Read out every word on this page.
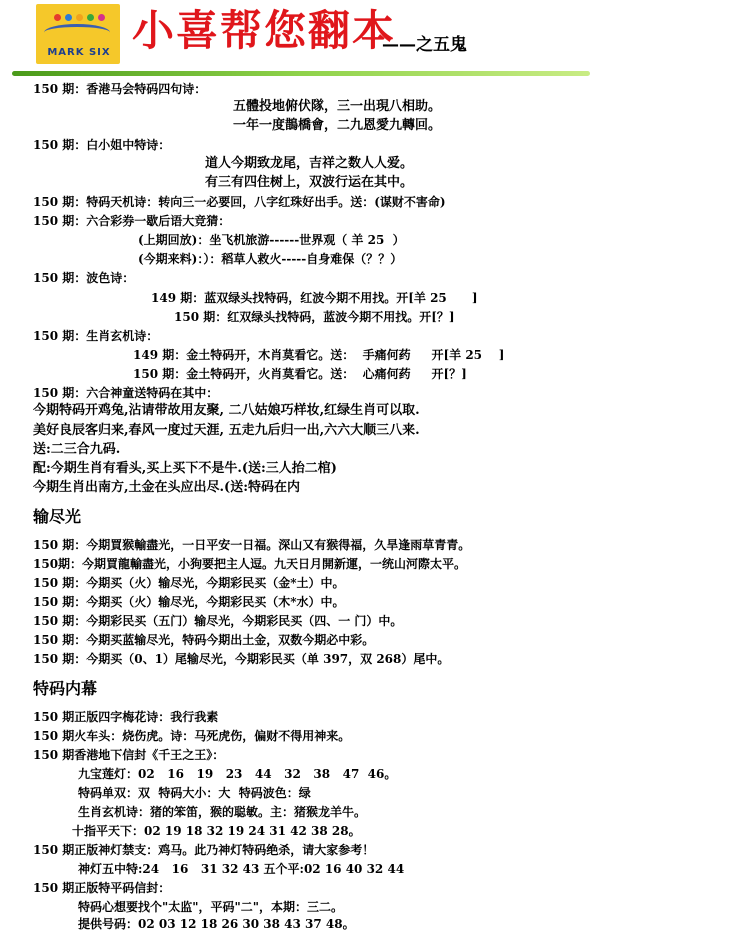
MARK SIX 小喜帮您翻本
——之五鬼
150 期：香港马会特码四句诗：
五體投地俯伏隊，三一出現八相助。
一年一度鵲橋會，二九恩愛九轉回。
150 期：白小姐中特诗：
道人今期致龙尾，吉祥之数人人爱。
有三有四住树上，双波行运在其中。
150 期：特码天机诗：转向三一必要回，八字红珠好出手。送：(谋财不害命)
150 期：六合彩券一歇后语大竞猜：
(上期回放)：坐飞机旅游------世界观（ 羊 25  ）
(今期来料)：）：稻草人救火-----自身难保（？？）
150 期：波色诗：
149 期：蓝双绿头找特码，红波今期不用找。开[羊 25      ]
150 期：红双绿头找特码，蓝波今期不用找。开[？]
150 期：生肖玄机诗：
149 期：金土特码开，木肖莫看它。送：  手痛何药     开[羊 25    ]
150 期：金土特码开，火肖莫看它。送：  心痛何药     开[？]
150 期：六合神童送特码在其中：
今期特码开鸡兔,沾请带故用友聚, 二八姑娘巧样妆,红绿生肖可以取.
美好良辰客归来,春风一度过天涯, 五走九后归一出,六六大顺三八来.
送:二三合九码.
配:今期生肖有看头,买上买下不是牛.(送:三人抬二棺)
今期生肖出南方,土金在头应出尽.(送:特码在内
输尽光
150 期：今期買猴輸盡光，一日平安一日福。深山又有猴得福，久旱逢雨草青青。
150期：今期買龍輸盡光，小狗要把主人逗。九天日月開新運，一统山河際太平。
150 期：今期买（火）输尽光，今期彩民买（金*土）中。
150 期：今期买（火）输尽光，今期彩民买（木*水）中。
150 期：今期彩民买（五门）输尽光，今期彩民买（四、一 门）中。
150 期：今期买蓝输尽光，特码今期出土金，双数今期必中彩。
150 期：今期买（0、1）尾输尽光，今期彩民买（单 397，双 268）尾中。
特码内幕
150 期正版四字梅花诗：我行我素
150 期火车头：烧伤虎。诗：马死虎伤，偏财不得用神来。
150 期香港地下信封《千王之王》：
九宝莲灯：02   16   19   23   44   32   38   47  46。
特码单双：双  特码大小：大  特码波色：绿
生肖玄机诗：猪的笨笛，猴的聪敏。主：猪猴龙羊牛。
十指平天下：02 19 18 32 19 24 31 42 38 28。
150 期正版神灯禁支：鸡马。此乃神灯特码绝杀，请大家参考！
神灯五中特:24   16   31 32 43 五个平:02 16 40 32 44
150 期正版特平码信封：
特码心想要找个"太监"，平码"二"，本期：三二。
提供号码：02 03 12 18 26 30 38 43 37 48。
